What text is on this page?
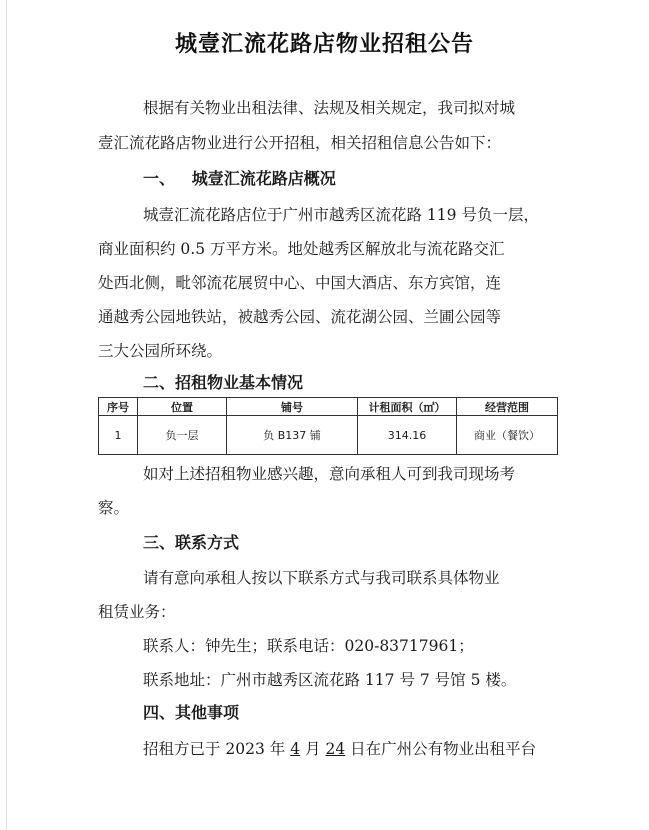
城壹汇流花路店物业招租公告
根据有关物业出租法律、法规及相关规定，我司拟对城
壹汇流花路店物业进行公开招租，相关招租信息公告如下：
一、   城壹汇流花路店概况
城壹汇流花路店位于广州市越秀区流花路 119 号负一层，
商业面积约 0.5 万平方米。地处越秀区解放北与流花路交汇
处西北侧，毗邻流花展贸中心、中国大酒店、东方宾馆，连
通越秀公园地铁站，被越秀公园、流花湖公园、兰圃公园等
三大公园所环绕。
二、招租物业基本情况
序号	位置	铺号	计租面积（㎡）	经营范围
1	负一层	负 B137 铺	314.16	商业（餐饮）
如对上述招租物业感兴趣，意向承租人可到我司现场考
察。
三、联系方式
请有意向承租人按以下联系方式与我司联系具体物业
租赁业务：
联系人：钟先生；联系电话：020-83717961；
联系地址：广州市越秀区流花路 117 号 7 号馆 5 楼。
四、其他事项
招租方已于 2023 年 4 月 24 日在广州公有物业出租平台
